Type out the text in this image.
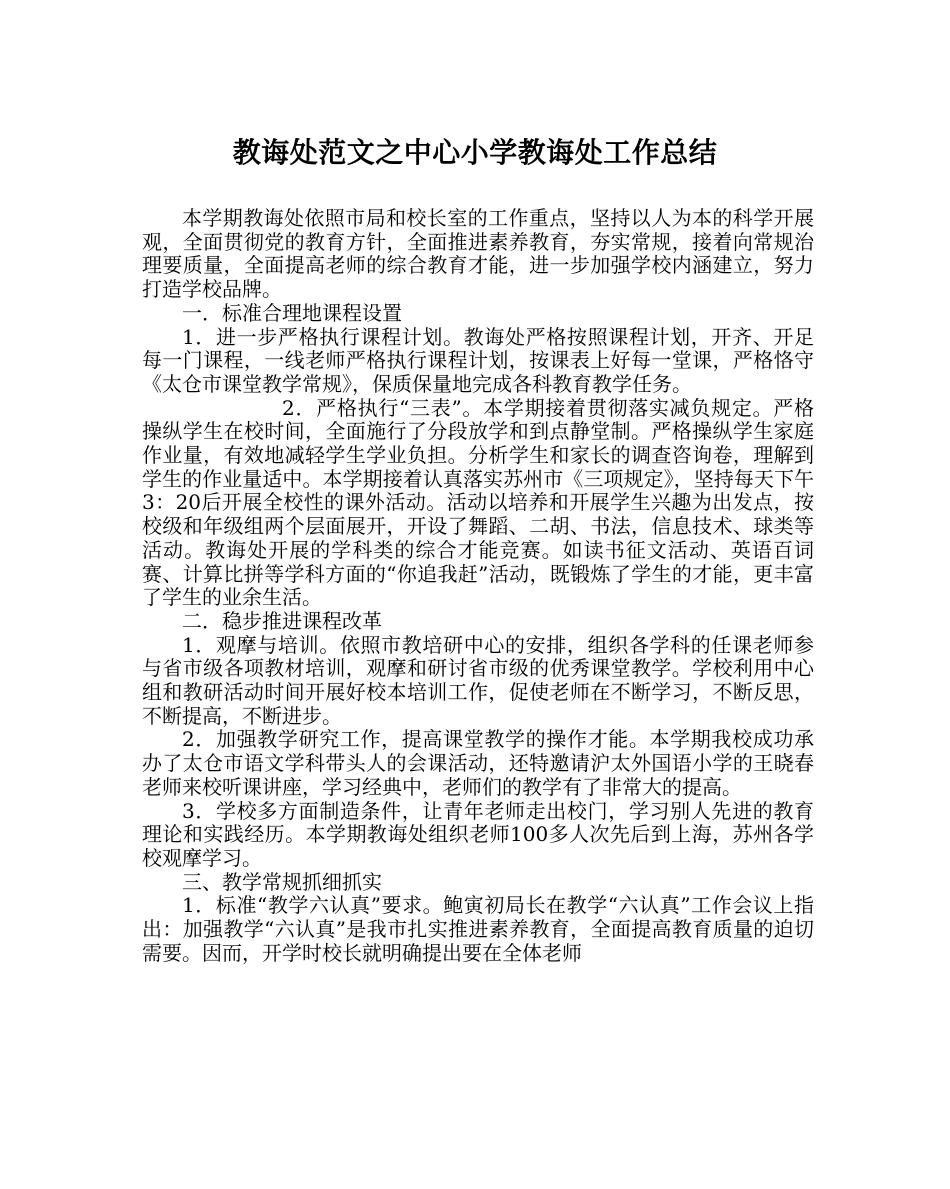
教诲处范文之中心小学教诲处工作总结

本学期教诲处依照市局和校长室的工作重点，坚持以人为本的科学开展观，全面贯彻党的教育方针，全面推进素养教育，夯实常规，接着向常规治理要质量，全面提高老师的综合教育才能，进一步加强学校内涵建立，努力打造学校品牌。

一．标准合理地课程设置

1．进一步严格执行课程计划。教诲处严格按照课程计划，开齐、开足每一门课程，一线老师严格执行课程计划，按课表上好每一堂课，严格恪守《太仓市课堂教学常规》，保质保量地完成各科教育教学任务。

2．严格执行“三表”。本学期接着贯彻落实减负规定。严格操纵学生在校时间，全面施行了分段放学和到点静堂制。严格操纵学生家庭作业量，有效地减轻学生学业负担。分析学生和家长的调查咨询卷，理解到学生的作业量适中。本学期接着认真落实苏州市《三项规定》，坚持每天下午3：20后开展全校性的课外活动。活动以培养和开展学生兴趣为出发点，按校级和年级组两个层面展开，开设了舞蹈、二胡、书法，信息技术、球类等活动。教诲处开展的学科类的综合才能竞赛。如读书征文活动、英语百词赛、计算比拼等学科方面的“你追我赶”活动，既锻炼了学生的才能，更丰富了学生的业余生活。

二．稳步推进课程改革

1．观摩与培训。依照市教培研中心的安排，组织各学科的任课老师参与省市级各项教材培训，观摩和研讨省市级的优秀课堂教学。学校利用中心组和教研活动时间开展好校本培训工作，促使老师在不断学习，不断反思，不断提高，不断进步。

2．加强教学研究工作，提高课堂教学的操作才能。本学期我校成功承办了太仓市语文学科带头人的会课活动，还特邀请沪太外国语小学的王晓春老师来校听课讲座，学习经典中，老师们的教学有了非常大的提高。

3．学校多方面制造条件，让青年老师走出校门，学习别人先进的教育理论和实践经历。本学期教诲处组织老师100多人次先后到上海，苏州各学校观摩学习。

三、教学常规抓细抓实

1．标准“教学六认真”要求。鲍寅初局长在教学“六认真”工作会议上指出：加强教学“六认真”是我市扎实推进素养教育，全面提高教育质量的迫切需要。因而，开学时校长就明确提出要在全体老师
